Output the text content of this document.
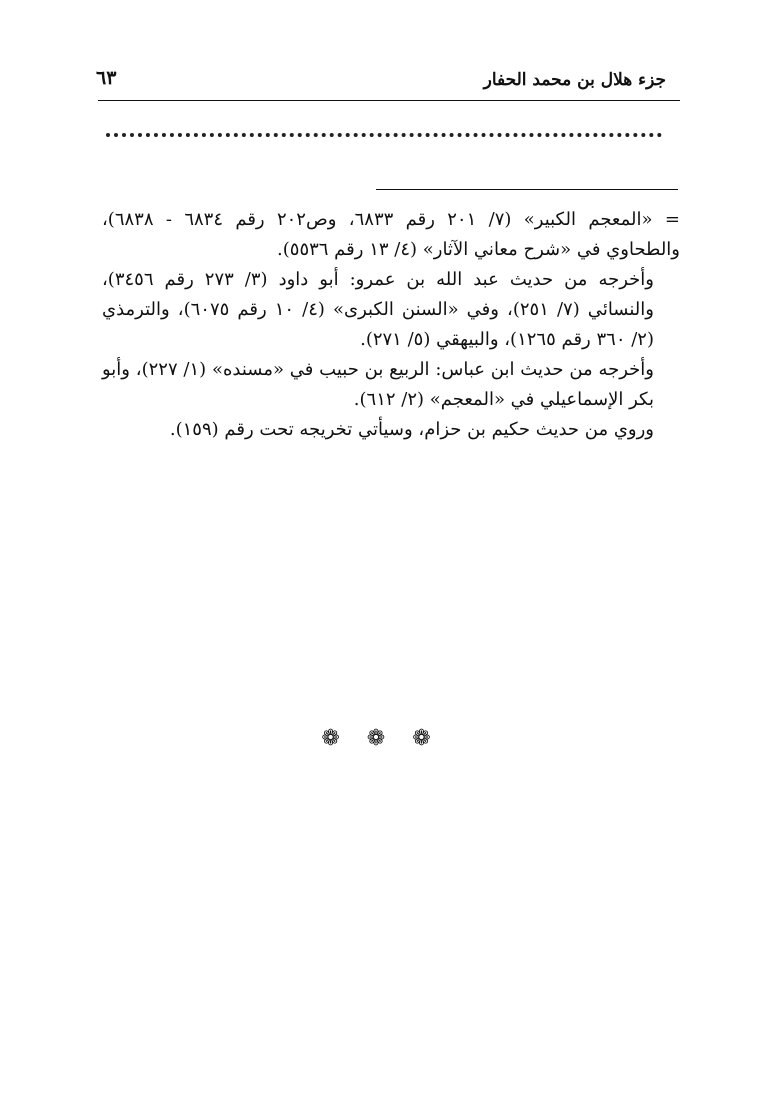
جزء هلال بن محمد الحفار
٦٣

= «المعجم الكبير» (٧/ ٢٠١ رقم ٦٨٣٣، وص٢٠٢ رقم ٦٨٣٤ - ٦٨٣٨)، والطحاوي في «شرح معاني الآثار» (٤/ ١٣ رقم ٥٥٣٦).

وأخرجه من حديث عبد الله بن عمرو: أبو داود (٣/ ٢٧٣ رقم ٣٤٥٦)، والنسائي (٧/ ٢٥١)، وفي «السنن الكبرى» (٤/ ١٠ رقم ٦٠٧٥)، والترمذي (٢/ ٣٦٠ رقم ١٢٦٥)، والبيهقي (٥/ ٢٧١).

وأخرجه من حديث ابن عباس: الربيع بن حبيب في «مسنده» (١/ ٢٢٧)، وأبو بكر الإسماعيلي في «المعجم» (٢/ ٦١٢).

وروي من حديث حكيم بن حزام، وسيأتي تخريجه تحت رقم (١٥٩).

❁ ❁ ❁
